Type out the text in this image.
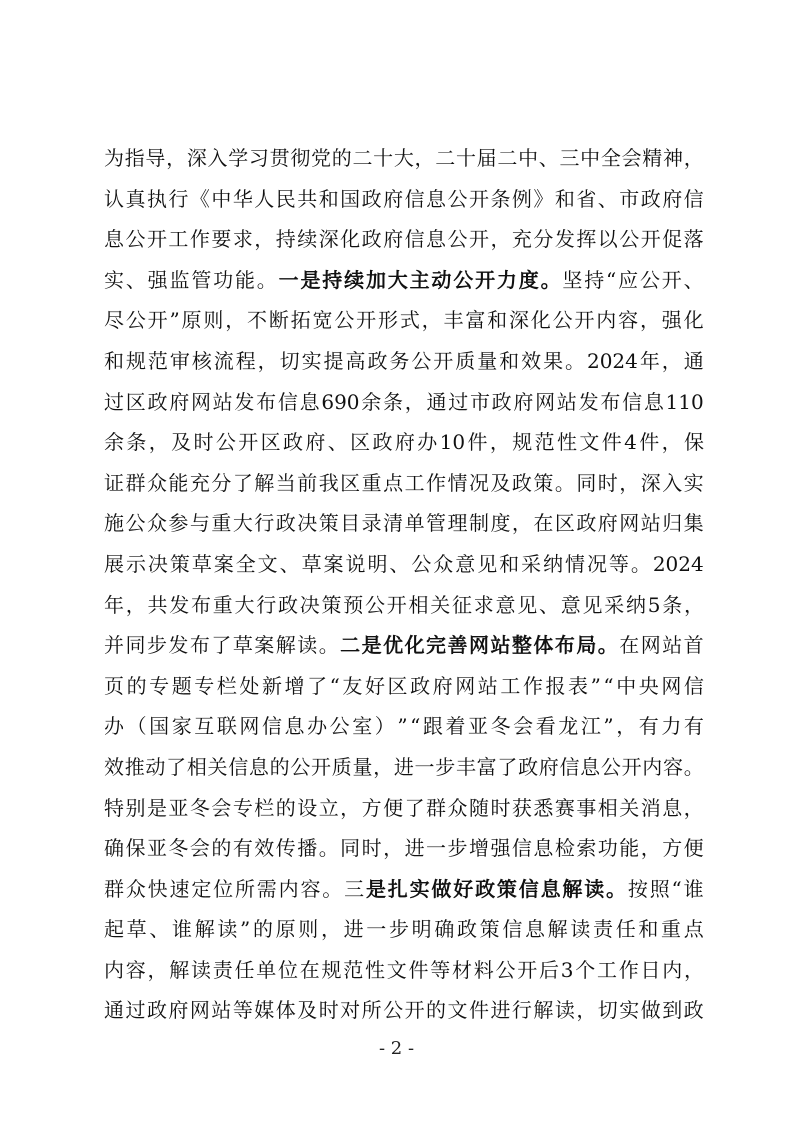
为 指 导 ， 深 入 学 习 贯 彻 党 的 二 十 大 ， 二 十 届 二 中 、 三 中 全 会 精 神 ，
认 真 执 行 《 中 华 人 民 共 和 国 政 府 信 息 公 开 条 例 》 和 省 、 市 政 府 信
息 公 开 工 作 要 求 ， 持 续 深 化 政 府 信 息 公 开 ， 充 分 发 挥 以 公 开 促 落
实 、 强 监 管 功 能 。 一 是 持 续 加 大 主 动 公 开 力 度 。 坚 持 “ 应 公 开 、
尽 公 开 ” 原 则 ， 不 断 拓 宽 公 开 形 式 ， 丰 富 和 深 化 公 开 内 容 ， 强 化
和 规 范 审 核 流 程 ， 切 实 提 高 政 务 公 开 质 量 和 效 果 。 2024 年 ， 通
过 区 政 府 网 站 发 布 信 息 690 余 条 ， 通 过 市 政 府 网 站 发 布 信 息 110
余 条 ， 及 时 公 开 区 政 府 、 区 政 府 办 10 件 ， 规 范 性 文 件 4 件 ， 保
证 群 众 能 充 分 了 解 当 前 我 区 重 点 工 作 情 况 及 政 策 。 同 时 ， 深 入 实
施 公 众 参 与 重 大 行 政 决 策 目 录 清 单 管 理 制 度 ， 在 区 政 府 网 站 归 集
展 示 决 策 草 案 全 文 、 草 案 说 明 、 公 众 意 见 和 采 纳 情 况 等 。 2024
年 ， 共 发 布 重 大 行 政 决 策 预 公 开 相 关 征 求 意 见 、 意 见 采 纳 5 条 ，
并 同 步 发 布 了 草 案 解 读 。 二 是 优 化 完 善 网 站 整 体 布 局 。 在 网 站 首
页 的 专 题 专 栏 处 新 增 了 “ 友 好 区 政 府 网 站 工 作 报 表 ” “ 中 央 网 信
办 （ 国 家 互 联 网 信 息 办 公 室 ） ” “ 跟 着 亚 冬 会 看 龙 江 ” ， 有 力 有
效 推 动 了 相 关 信 息 的 公 开 质 量 ， 进 一 步 丰 富 了 政 府 信 息 公 开 内 容 。
特 别 是 亚 冬 会 专 栏 的 设 立 ， 方 便 了 群 众 随 时 获 悉 赛 事 相 关 消 息 ，
确 保 亚 冬 会 的 有 效 传 播 。 同 时 ， 进 一 步 增 强 信 息 检 索 功 能 ， 方 便
群 众 快 速 定 位 所 需 内 容 。 三 是 扎 实 做 好 政 策 信 息 解 读 。 按 照 “ 谁
起 草 、 谁 解 读 ” 的 原 则 ， 进 一 步 明 确 政 策 信 息 解 读 责 任 和 重 点
内 容 ， 解 读 责 任 单 位 在 规 范 性 文 件 等 材 料 公 开 后 3 个 工 作 日 内 ，
通 过 政 府 网 站 等 媒 体 及 时 对 所 公 开 的 文 件 进 行 解 读 ， 切 实 做 到 政
- 2 -
